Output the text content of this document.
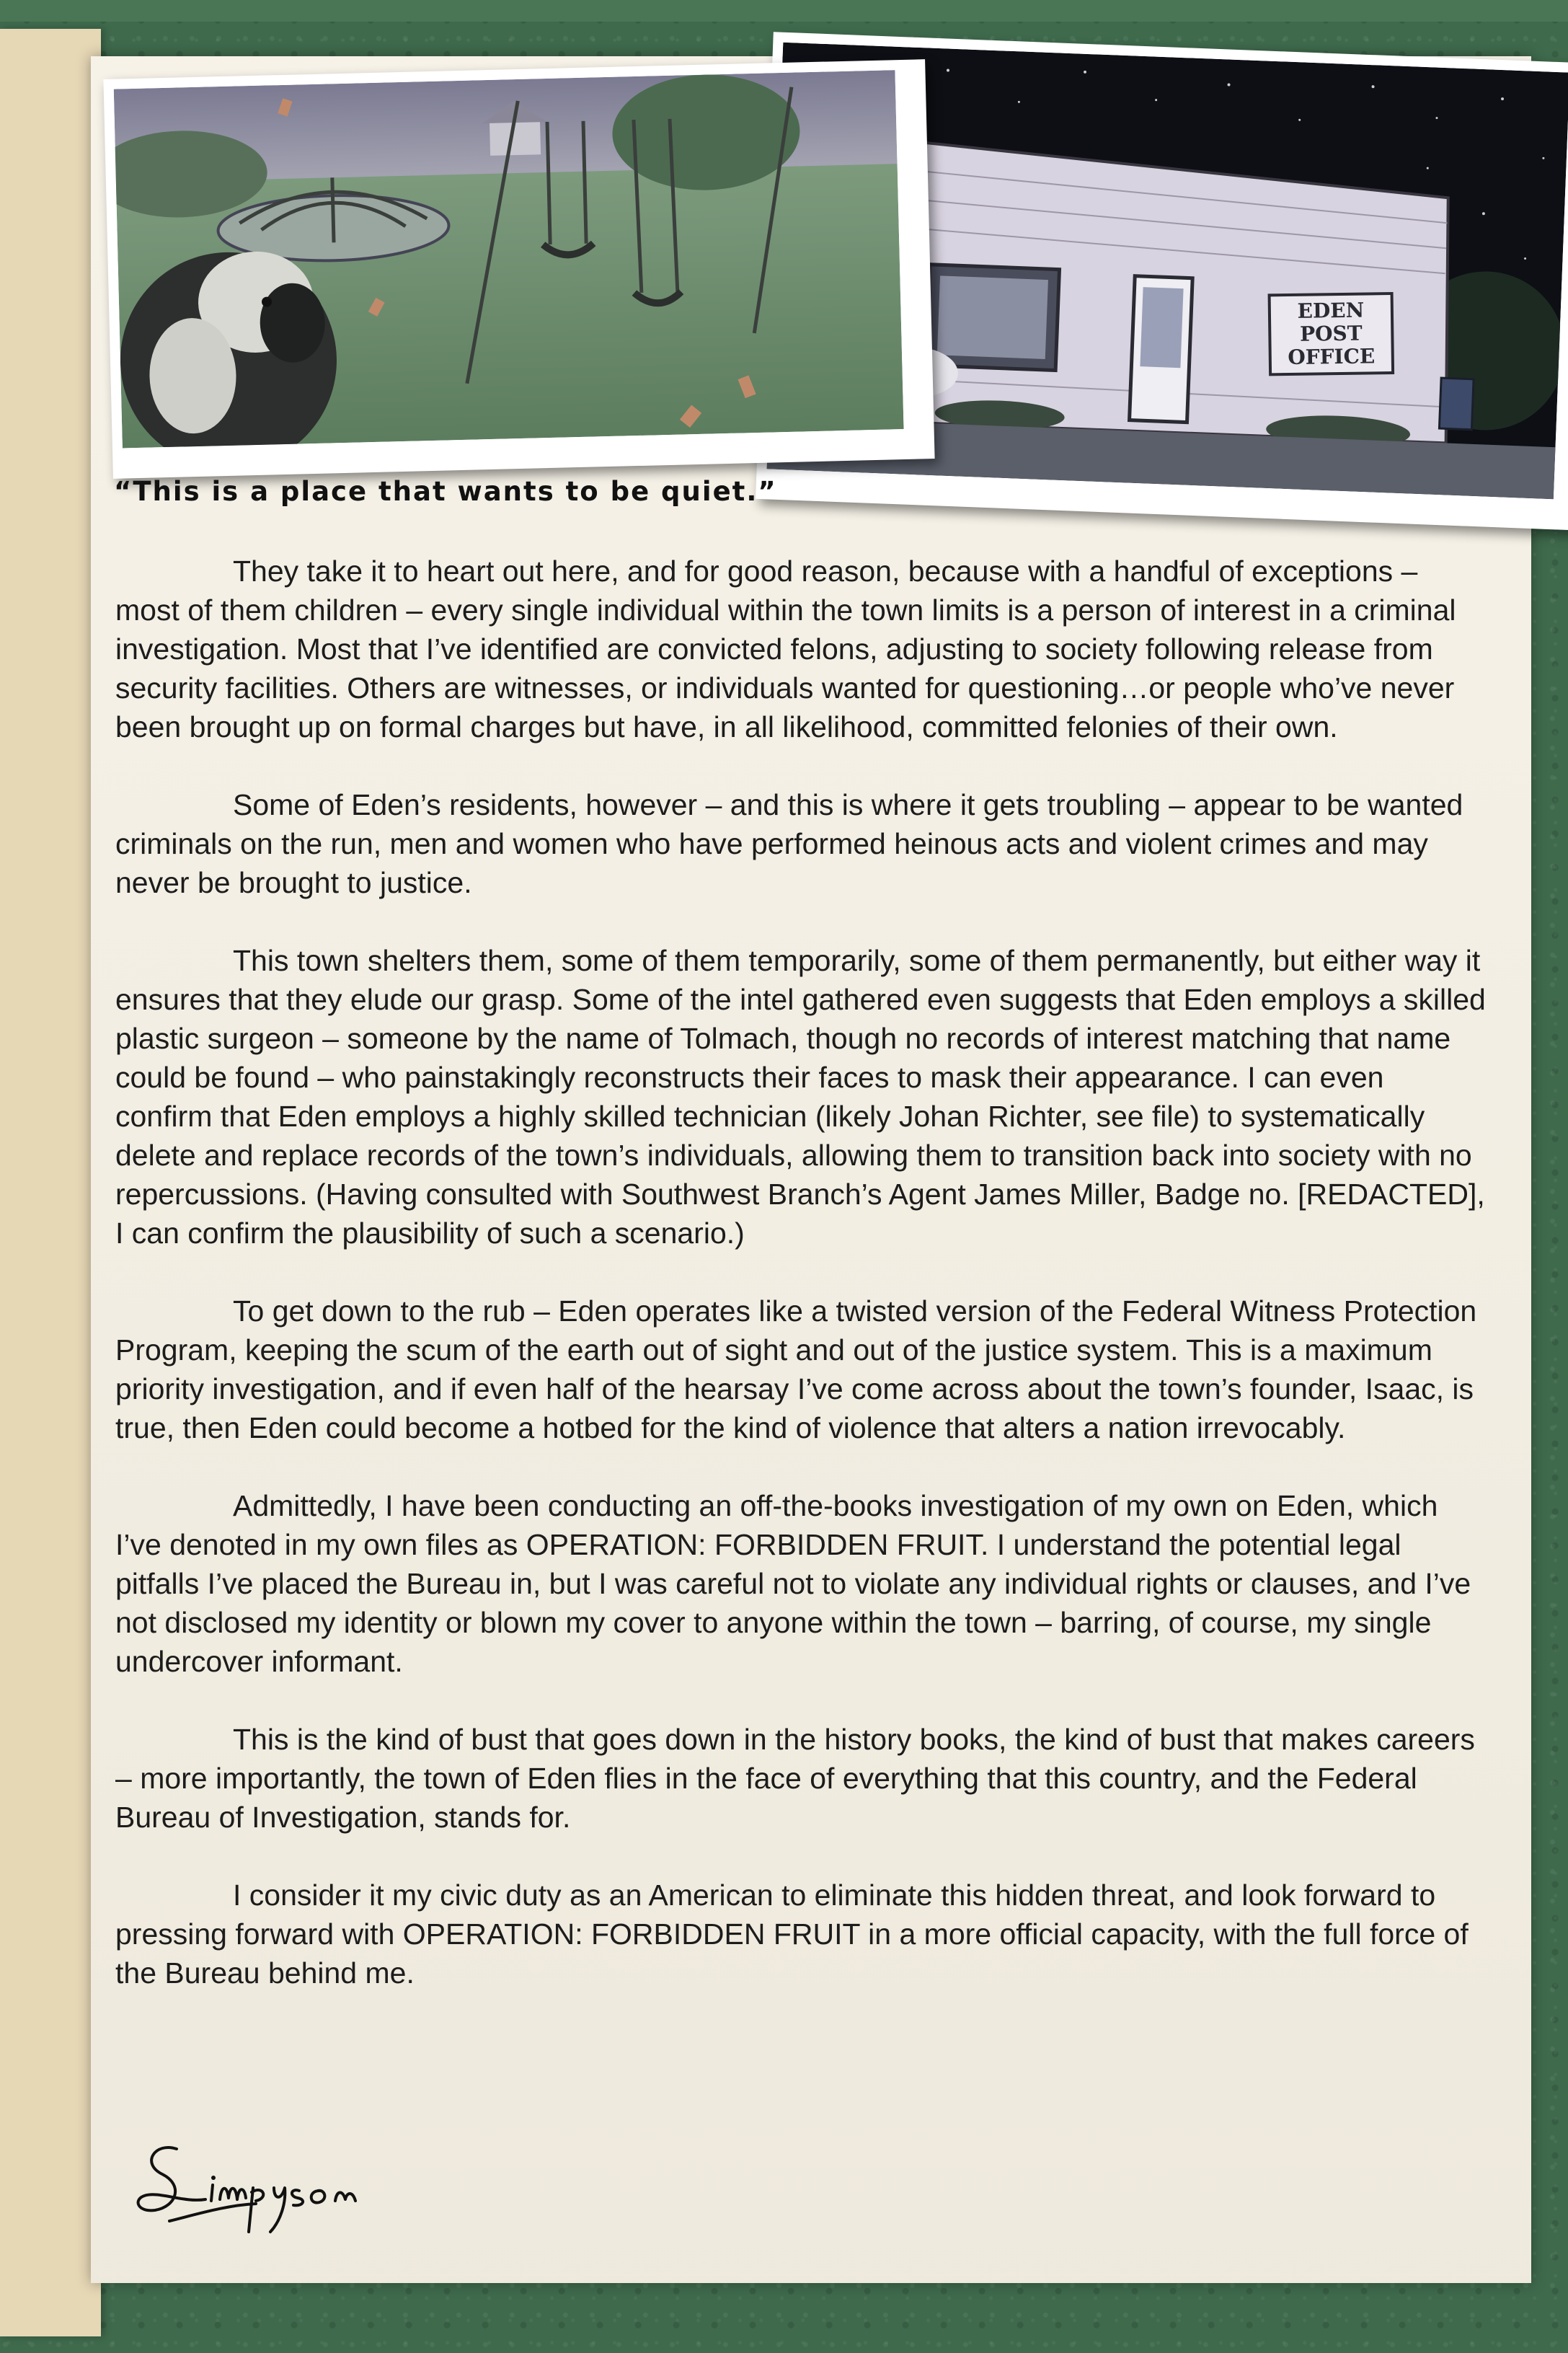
EDEN
POST
OFFICE
“This is a place that wants to be quiet.”

They take it to heart out here, and for good reason, because with a handful of exceptions – most of them children – every single individual within the town limits is a person of interest in a criminal investigation. Most that I’ve identified are convicted felons, adjusting to society following release from security facilities. Others are witnesses, or individuals wanted for questioning…or people who’ve never been brought up on formal charges but have, in all likelihood, committed felonies of their own.

Some of Eden’s residents, however – and this is where it gets troubling – appear to be wanted criminals on the run, men and women who have performed heinous acts and violent crimes and may never be brought to justice.

This town shelters them, some of them temporarily, some of them permanently, but either way it ensures that they elude our grasp. Some of the intel gathered even suggests that Eden employs a skilled plastic surgeon – someone by the name of Tolmach, though no records of interest matching that name could be found – who painstakingly reconstructs their faces to mask their appearance. I can even confirm that Eden employs a highly skilled technician (likely Johan Richter, see file) to systematically delete and replace records of the town’s individuals, allowing them to transition back into society with no repercussions. (Having consulted with Southwest Branch’s Agent James Miller, Badge no. [REDACTED], I can confirm the plausibility of such a scenario.)

To get down to the rub – Eden operates like a twisted version of the Federal Witness Protection Program, keeping the scum of the earth out of sight and out of the justice system. This is a maximum priority investigation, and if even half of the hearsay I’ve come across about the town’s founder, Isaac, is true, then Eden could become a hotbed for the kind of violence that alters a nation irrevocably.

Admittedly, I have been conducting an off-the-books investigation of my own on Eden, which I’ve denoted in my own files as OPERATION: FORBIDDEN FRUIT. I understand the potential legal pitfalls I’ve placed the Bureau in, but I was careful not to violate any individual rights or clauses, and I’ve not disclosed my identity or blown my cover to anyone within the town – barring, of course, my single undercover informant.

This is the kind of bust that goes down in the history books, the kind of bust that makes careers – more importantly, the town of Eden flies in the face of everything that this country, and the Federal Bureau of Investigation, stands for.

I consider it my civic duty as an American to eliminate this hidden threat, and look forward to pressing forward with OPERATION: FORBIDDEN FRUIT in a more official capacity, with the full force of the Bureau behind me.
